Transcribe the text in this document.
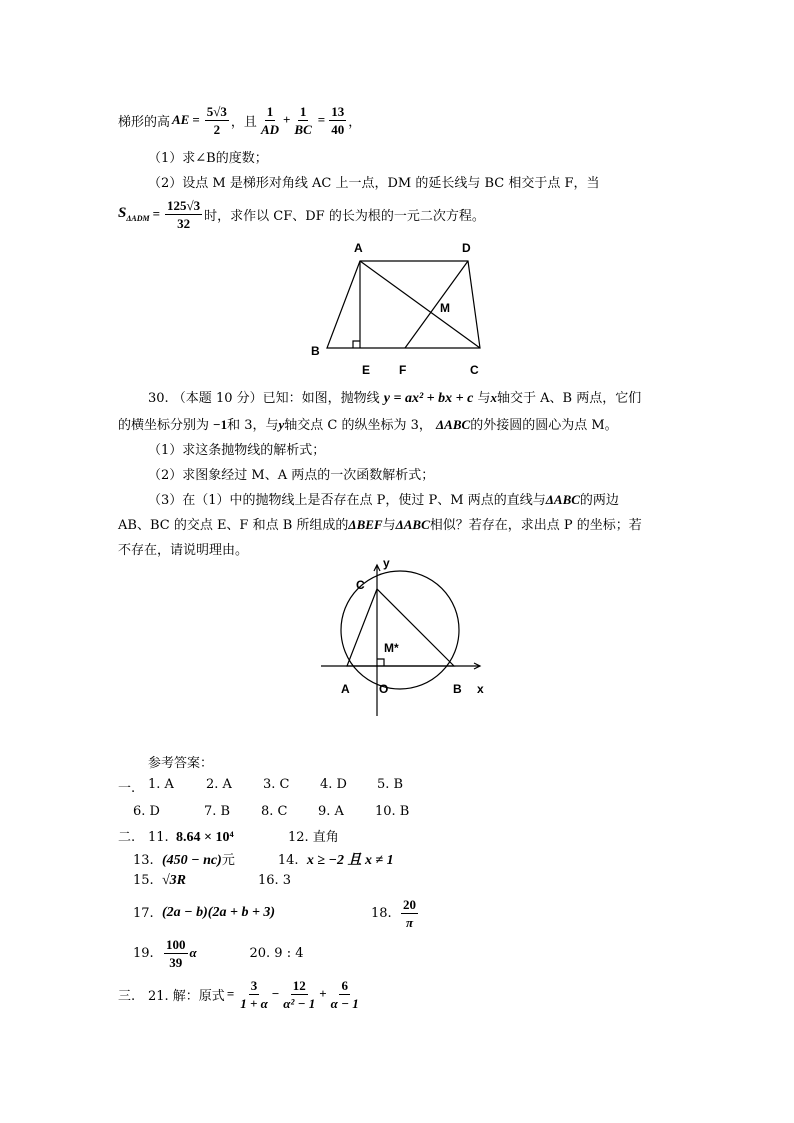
梯形的高 AE = $\frac{5√3}{2}$ ，且 $\frac{1}{AD} + \frac{1}{BC} = \frac{13}{40}$ ，
（1）求∠B的度数；
（2）设点 M 是梯形对角线 AC 上一点，DM 的延长线与 BC 相交于点 F，当
$S_{\Delta ADM} = \frac{125√3}{32}$ 时，求作以 CF、DF 的长为根的一元二次方程。
A	D
M
B
E F	C
30. （本题 10 分）已知：如图，抛物线 y = ax² + bx + c 与x轴交于 A、B 两点，它们
的横坐标分别为 −1和 3，与y轴交点 C 的纵坐标为 3， ΔABC的外接圆的圆心为点 M。
（1）求这条抛物线的解析式；
（2）求图象经过 M、A 两点的一次函数解析式；
（3）在（1）中的抛物线上是否存在点 P，使过 P、M 两点的直线与ΔABC的两边
AB、BC 的交点 E、F 和点 B 所组成的ΔBEF与ΔABC相似？若存在，求出点 P 的坐标；若
不存在，请说明理由。
y
C
M*
A O	B x
参考答案：
一. 1. A	2. A	3. C	4. D	5. B
6. D	7. B	8. C	9. A	10. B
二. 11. 8.64 × 10⁴	12. 直角
13. (450 − nc) 元	14. x ≥ −2 且 x ≠ 1
15. √3R	16. 3
17. (2a − b)(2a + b + 3)	18. $\frac{20}{\pi}$
19. $\frac{100}{39}$ α	20. 9 : 4
三. 21. 解：原式 = $\frac{3}{1 + \alpha} - \frac{12}{\text{α² − 1}} + \frac{6}{\alpha - 1}$
